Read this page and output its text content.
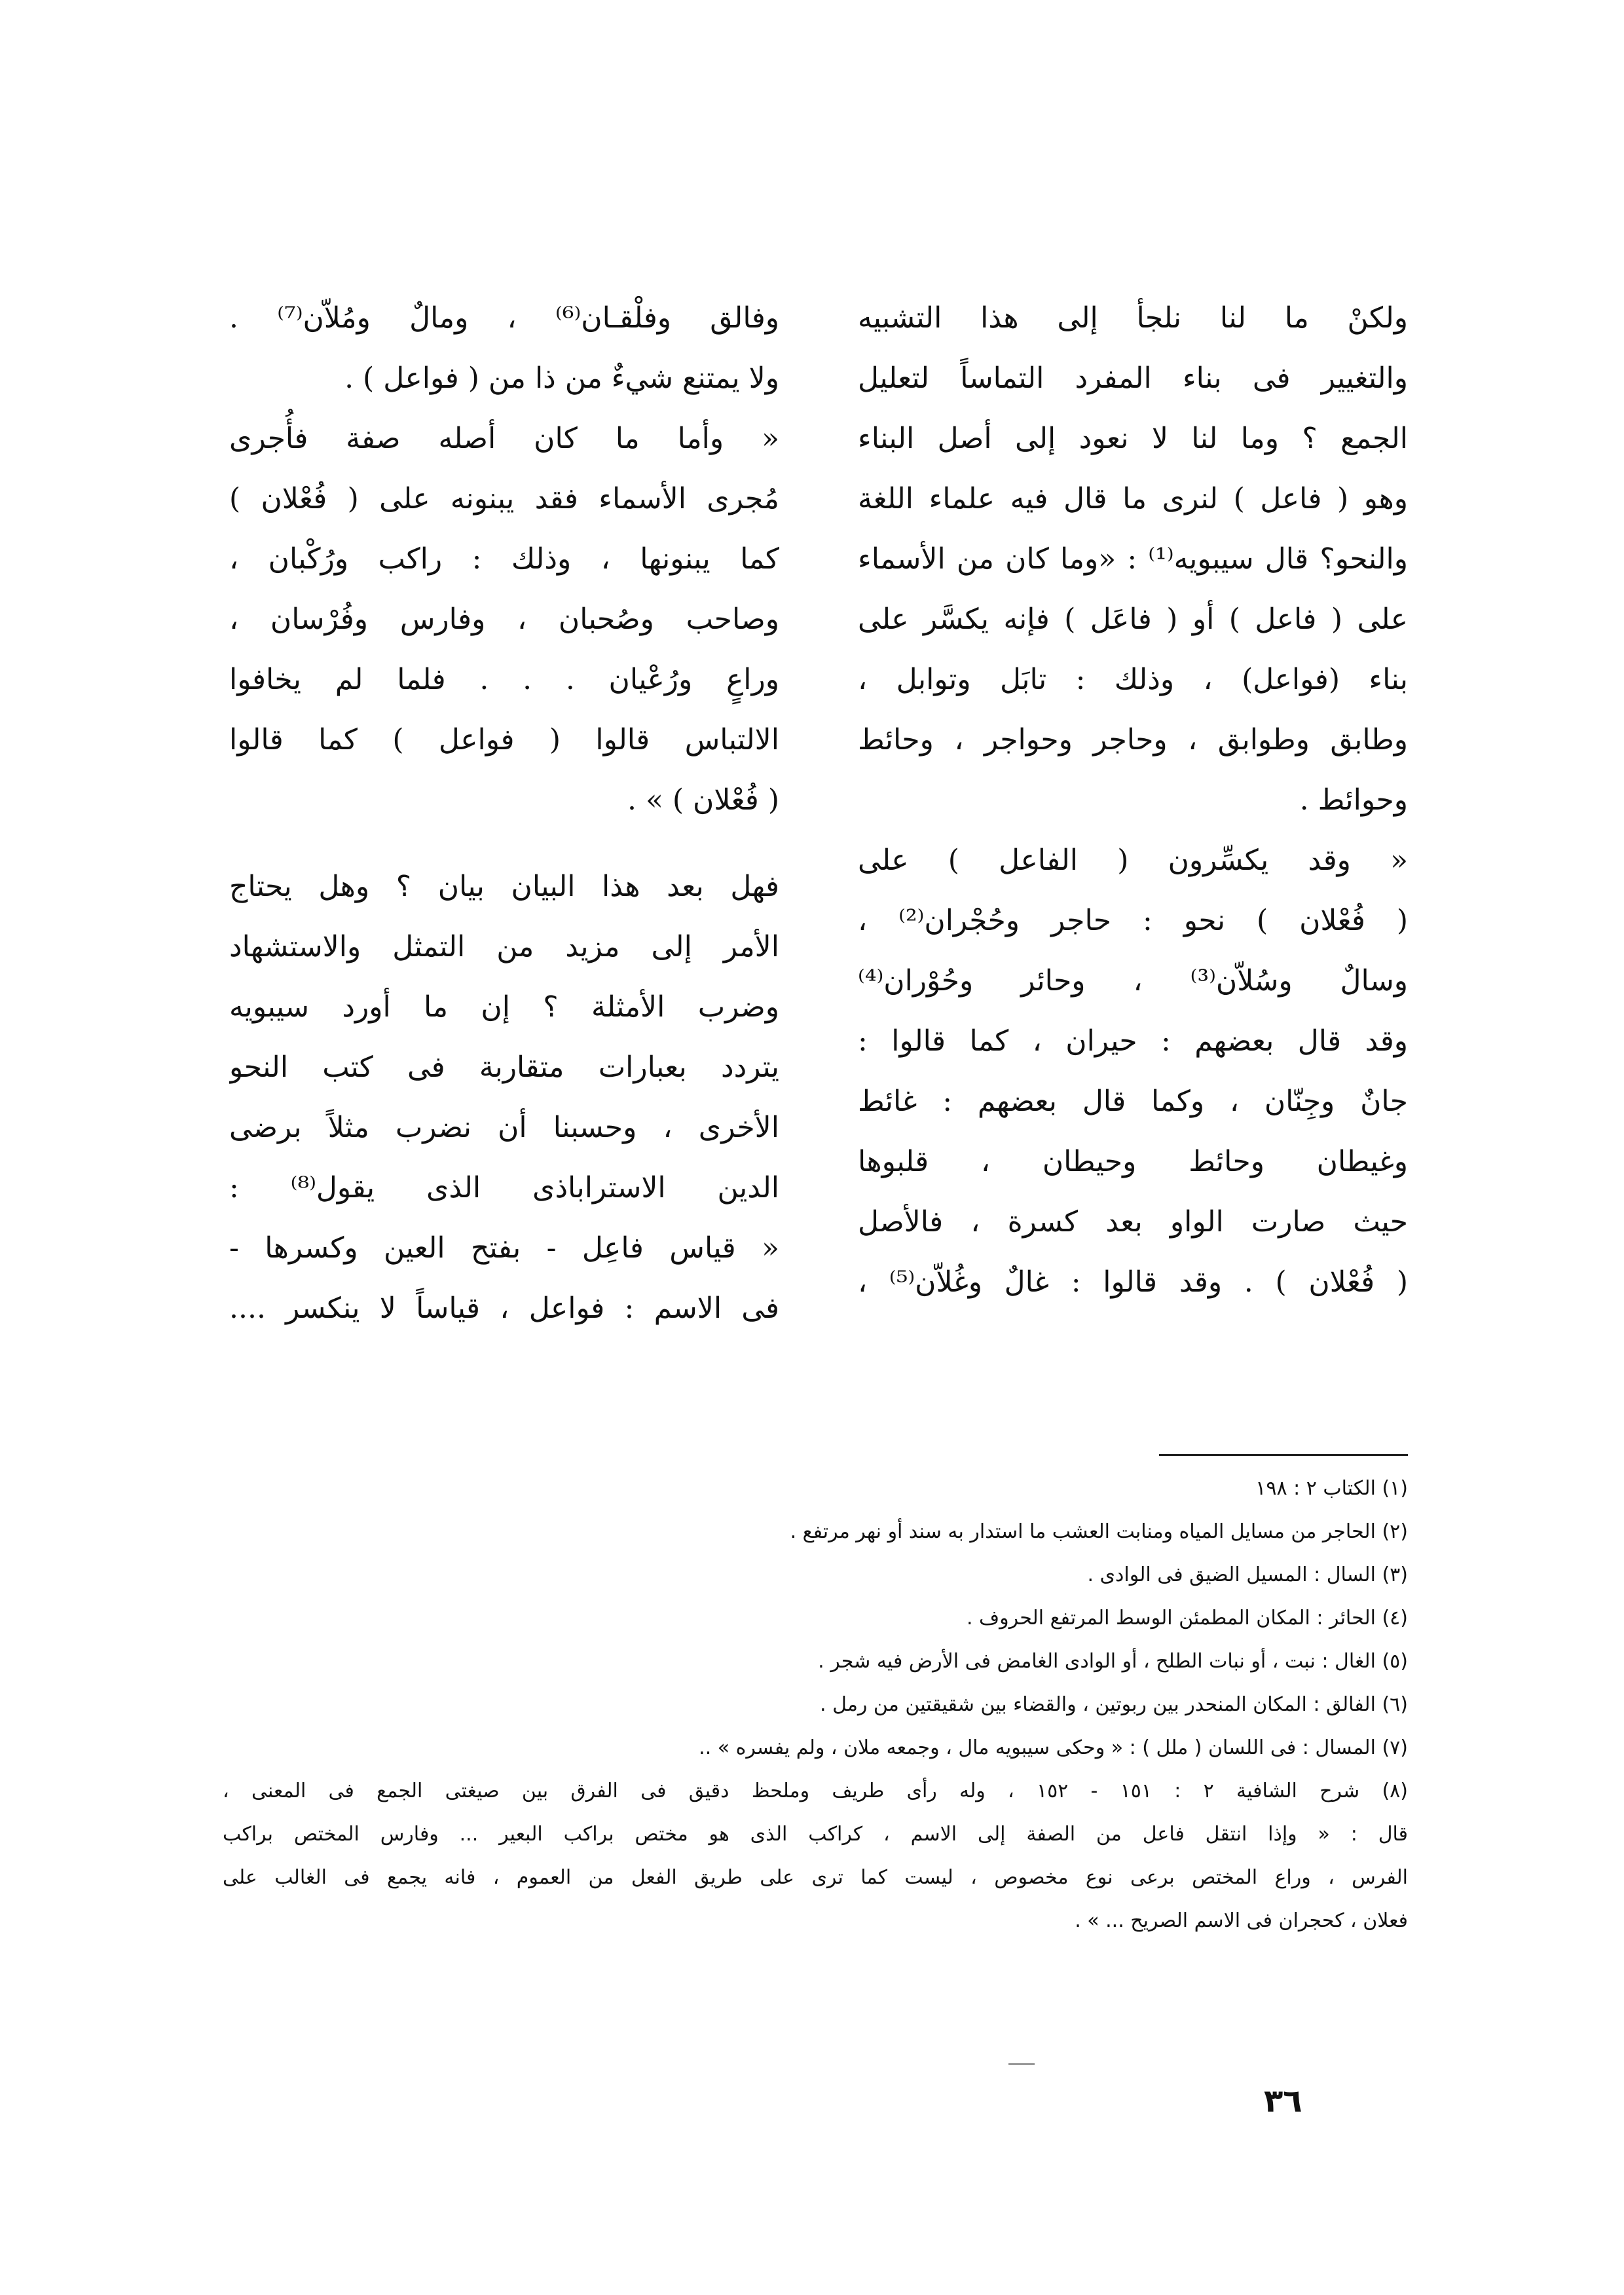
ولكنْ ما لنا نلجأ إلى هذا التشبيه
والتغيير فى بناء المفرد التماساً لتعليل
الجمع ؟ وما لنا لا نعود إلى أصل البناء
وهو ( فاعل ) لنرى ما قال فيه علماء اللغة
والنحو؟ قال سيبويه⁽¹⁾ : «وما كان من الأسماء
على ( فاعل ) أو ( فاعَل ) فإنه يكسَّر على
بناء (فواعل) ، وذلك : تابَل وتوابل ،
وطابق وطوابق ، وحاجر وحواجر ، وحائط
وحوائط .
« وقد يكسِّرون ( الفاعل ) على
( فُعْلان ) نحو : حاجر وحُجْران⁽²⁾ ،
وسالٌ وسُلاّن⁽³⁾ ، وحائر وحُوْران⁽⁴⁾
وقد قال بعضهم : حيران ، كما قالوا :
جانٌ وجِنّان ، وكما قال بعضهم : غائط
وغيطان وحائط وحيطان ، قلبوها
حيث صارت الواو بعد كسرة ، فالأصل
( فُعْلان ) . وقد قالوا : غالٌ وغُلاّن⁽⁵⁾ ،
وفالق وفلْقـان⁽⁶⁾ ، ومالٌ ومُلاّن⁽⁷⁾ .
ولا يمتنع شيءٌ من ذا من ( فواعل ) .
« وأما ما كان أصله صفة فأُجرى
مُجرى الأسماء فقد يبنونه على ( فُعْلان )
كما يبنونها ، وذلك : راكب ورُكْبان ،
وصاحب وصُحبان ، وفارس وفُرْسان ،
وراعٍ ورُعْيان . . . فلما لم يخافوا
الالتباس قالوا ( فواعل ) كما قالوا
( فُعْلان ) » .
فهل بعد هذا البيان بيان ؟ وهل يحتاج
الأمر إلى مزيد من التمثل والاستشهاد
وضرب الأمثلة ؟ إن ما أورد سيبويه
يتردد بعبارات متقاربة فى كتب النحو
الأخرى ، وحسبنا أن نضرب مثلاً برضى
الدين الاستراباذى الذى يقول⁽⁸⁾ :
« قياس فاعِل - بفتح العين وكسرها -
فى الاسم : فواعل ، قياساً لا ينكسر ....
(١) الكتاب ٢ : ١٩٨
(٢) الحاجر من مسايل المياه ومنابت العشب ما استدار به سند أو نهر مرتفع .
(٣) السال : المسيل الضيق فى الوادى .
(٤) الحائر : المكان المطمئن الوسط المرتفع الحروف .
(٥) الغال : نبت ، أو نبات الطلح ، أو الوادى الغامض فى الأرض فيه شجر .
(٦) الفالق : المكان المنحدر بين ربوتين ، والقضاء بين شقيقتين من رمل .
(٧) المسال : فى اللسان ( ملل ) : « وحكى سيبويه مال ، وجمعه ملان ، ولم يفسره » ..
(٨) شرح الشافية ٢ : ١٥١ - ١٥٢ ، وله رأى طريف وملحظ دقيق فى الفرق بين صيغتى الجمع فى المعنى ،
قال : « وإذا انتقل فاعل من الصفة إلى الاسم ، كراكب الذى هو مختص براكب البعير ... وفارس المختص براكب
الفرس ، وراع المختص برعى نوع مخصوص ، ليست كما ترى على طريق الفعل من العموم ، فانه يجمع فى الغالب على
فعلان ، كحجران فى الاسم الصريح ... » .
٣٦
